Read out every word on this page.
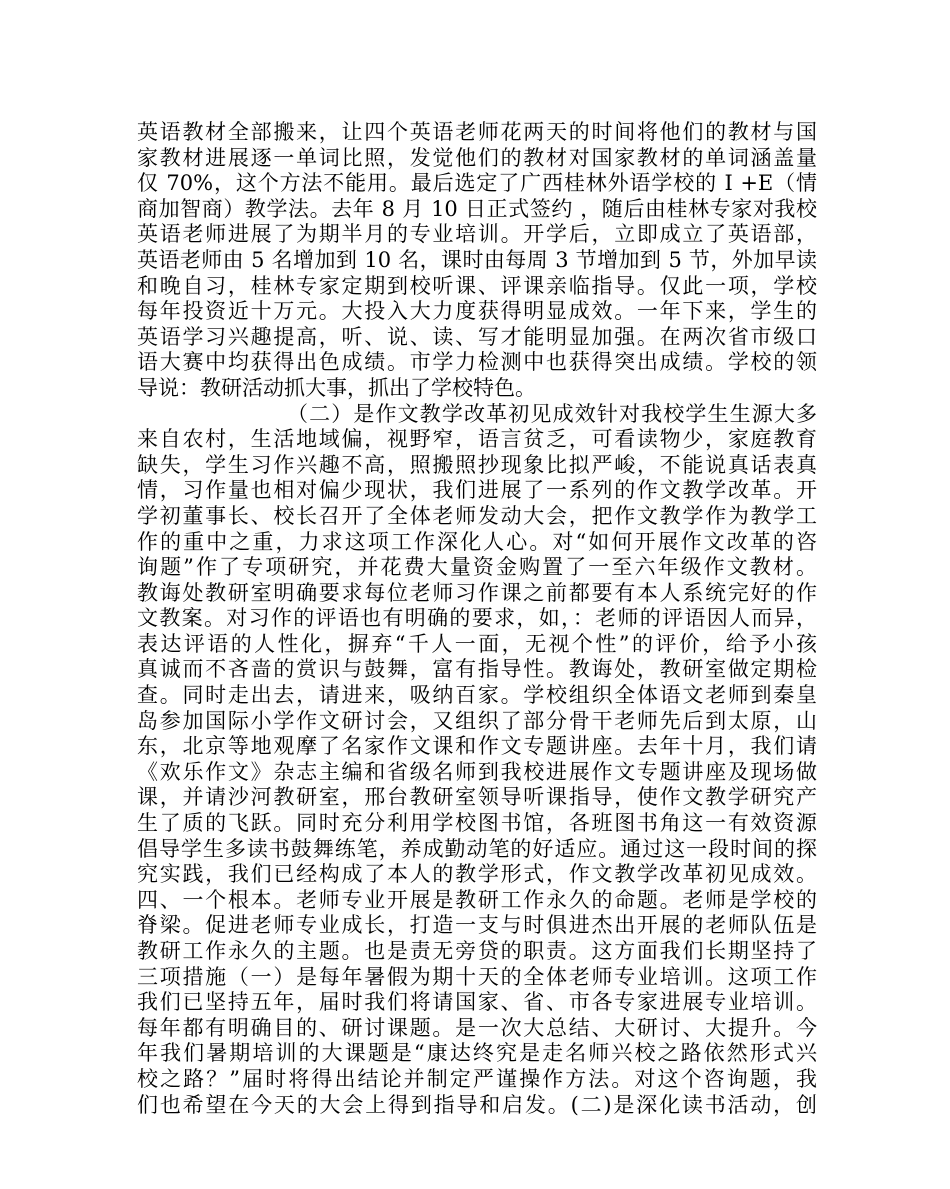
英语教材全部搬来，让四个英语老师花两天的时间将他们的教材与国
家教材进展逐一单词比照，发觉他们的教材对国家教材的单词涵盖量
仅 70%，这个方法不能用。最后选定了广西桂林外语学校的 I +E（情
商加智商）教学法。去年 8 月 10 日正式签约 ，随后由桂林专家对我校
英语老师进展了为期半月的专业培训。开学后，立即成立了英语部，
英语老师由 5 名增加到 10 名，课时由每周 3 节增加到 5 节，外加早读
和晚自习，桂林专家定期到校听课、评课亲临指导。仅此一项，学校
每年投资近十万元。大投入大力度获得明显成效。一年下来，学生的
英语学习兴趣提高，听、说、读、写才能明显加强。在两次省市级口
语大赛中均获得出色成绩。市学力检测中也获得突出成绩。学校的领
导说：教研活动抓大事，抓出了学校特色。
（二）是作文教学改革初见成效针对我校学生生源大多
来自农村，生活地域偏，视野窄，语言贫乏，可看读物少，家庭教育
缺失，学生习作兴趣不高，照搬照抄现象比拟严峻，不能说真话表真
情，习作量也相对偏少现状，我们进展了一系列的作文教学改革。开
学初董事长、校长召开了全体老师发动大会，把作文教学作为教学工
作的重中之重，力求这项工作深化人心。对“如何开展作文改革的咨
询题”作了专项研究，并花费大量资金购置了一至六年级作文教材。
教诲处教研室明确要求每位老师习作课之前都要有本人系统完好的作
文教案。对习作的评语也有明确的要求，如，：老师的评语因人而异，
表达评语的人性化，摒弃“千人一面，无视个性”的评价，给予小孩
真诚而不吝啬的赏识与鼓舞，富有指导性。教诲处，教研室做定期检
查。同时走出去，请进来，吸纳百家。学校组织全体语文老师到秦皇
岛参加国际小学作文研讨会，又组织了部分骨干老师先后到太原，山
东，北京等地观摩了名家作文课和作文专题讲座。去年十月，我们请
《欢乐作文》杂志主编和省级名师到我校进展作文专题讲座及现场做
课，并请沙河教研室，邢台教研室领导听课指导，使作文教学研究产
生了质的飞跃。同时充分利用学校图书馆，各班图书角这一有效资源
倡导学生多读书鼓舞练笔，养成勤动笔的好适应。通过这一段时间的探
究实践，我们已经构成了本人的教学形式，作文教学改革初见成效。
四、一个根本。老师专业开展是教研工作永久的命题。老师是学校的
脊梁。促进老师专业成长，打造一支与时俱进杰出开展的老师队伍是
教研工作永久的主题。也是责无旁贷的职责。这方面我们长期坚持了
三项措施（一）是每年暑假为期十天的全体老师专业培训。这项工作
我们已坚持五年，届时我们将请国家、省、市各专家进展专业培训。
每年都有明确目的、研讨课题。是一次大总结、大研讨、大提升。今
年我们暑期培训的大课题是“康达终究是走名师兴校之路依然形式兴
校之路？”届时将得出结论并制定严谨操作方法。对这个咨询题，我
们也希望在今天的大会上得到指导和启发。(二)是深化读书活动，创
